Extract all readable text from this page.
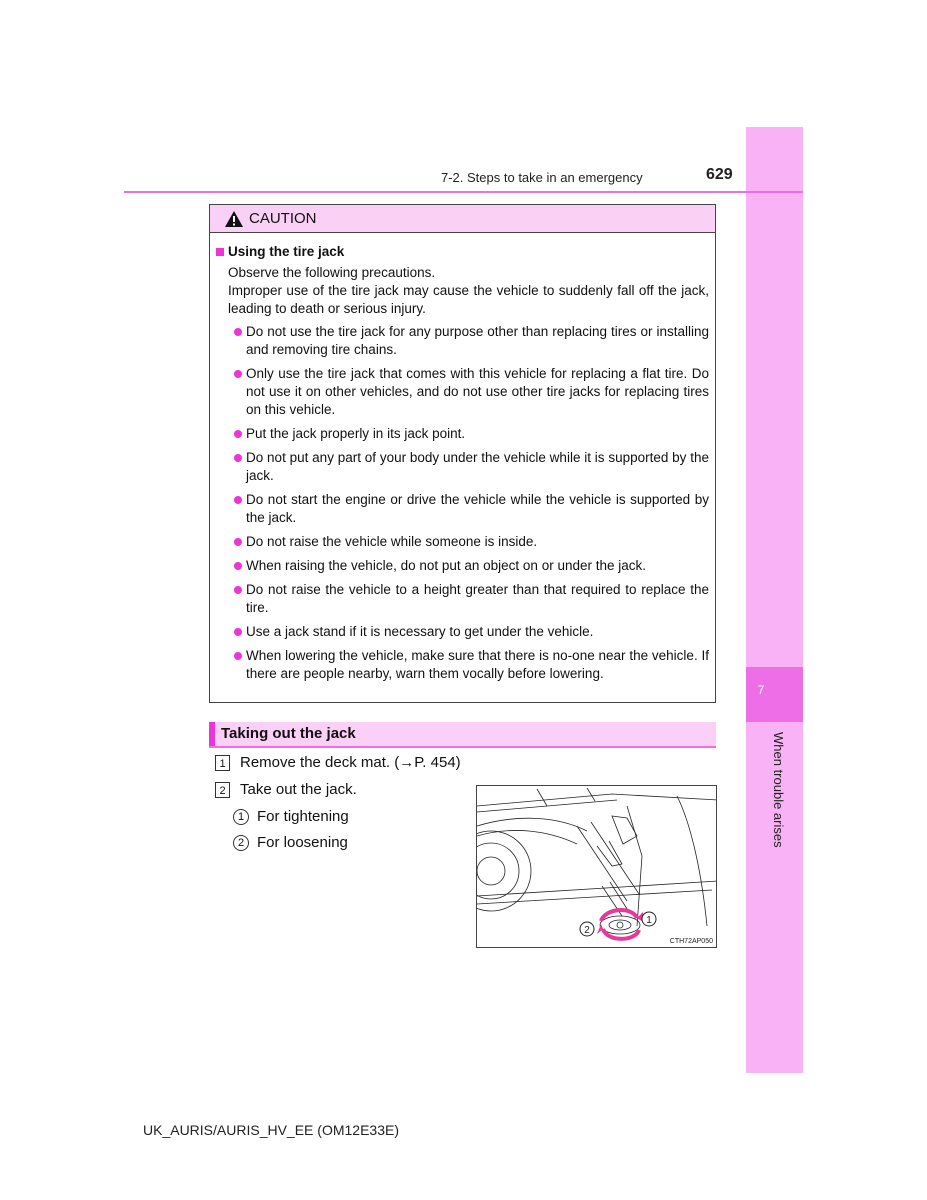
7
When trouble arises
7-2. Steps to take in an emergency	629
CAUTION
Using the tire jack
Observe the following precautions.
Improper use of the tire jack may cause the vehicle to suddenly fall off the jack, leading to death or serious injury.
Do not use the tire jack for any purpose other than replacing tires or installing and removing tire chains.
Only use the tire jack that comes with this vehicle for replacing a flat tire. Do not use it on other vehicles, and do not use other tire jacks for replacing tires on this vehicle.
Put the jack properly in its jack point.
Do not put any part of your body under the vehicle while it is supported by the jack.
Do not start the engine or drive the vehicle while the vehicle is supported by the jack.
Do not raise the vehicle while someone is inside.
When raising the vehicle, do not put an object on or under the jack.
Do not raise the vehicle to a height greater than that required to replace the tire.
Use a jack stand if it is necessary to get under the vehicle.
When lowering the vehicle, make sure that there is no-one near the vehicle. If there are people nearby, warn them vocally before lowering.
Taking out the jack
1 Remove the deck mat. (→P. 454)
2 Take out the jack.
1 For tightening
2 For loosening
1
2
CTH72AP050
UK_AURIS/AURIS_HV_EE (OM12E33E)
